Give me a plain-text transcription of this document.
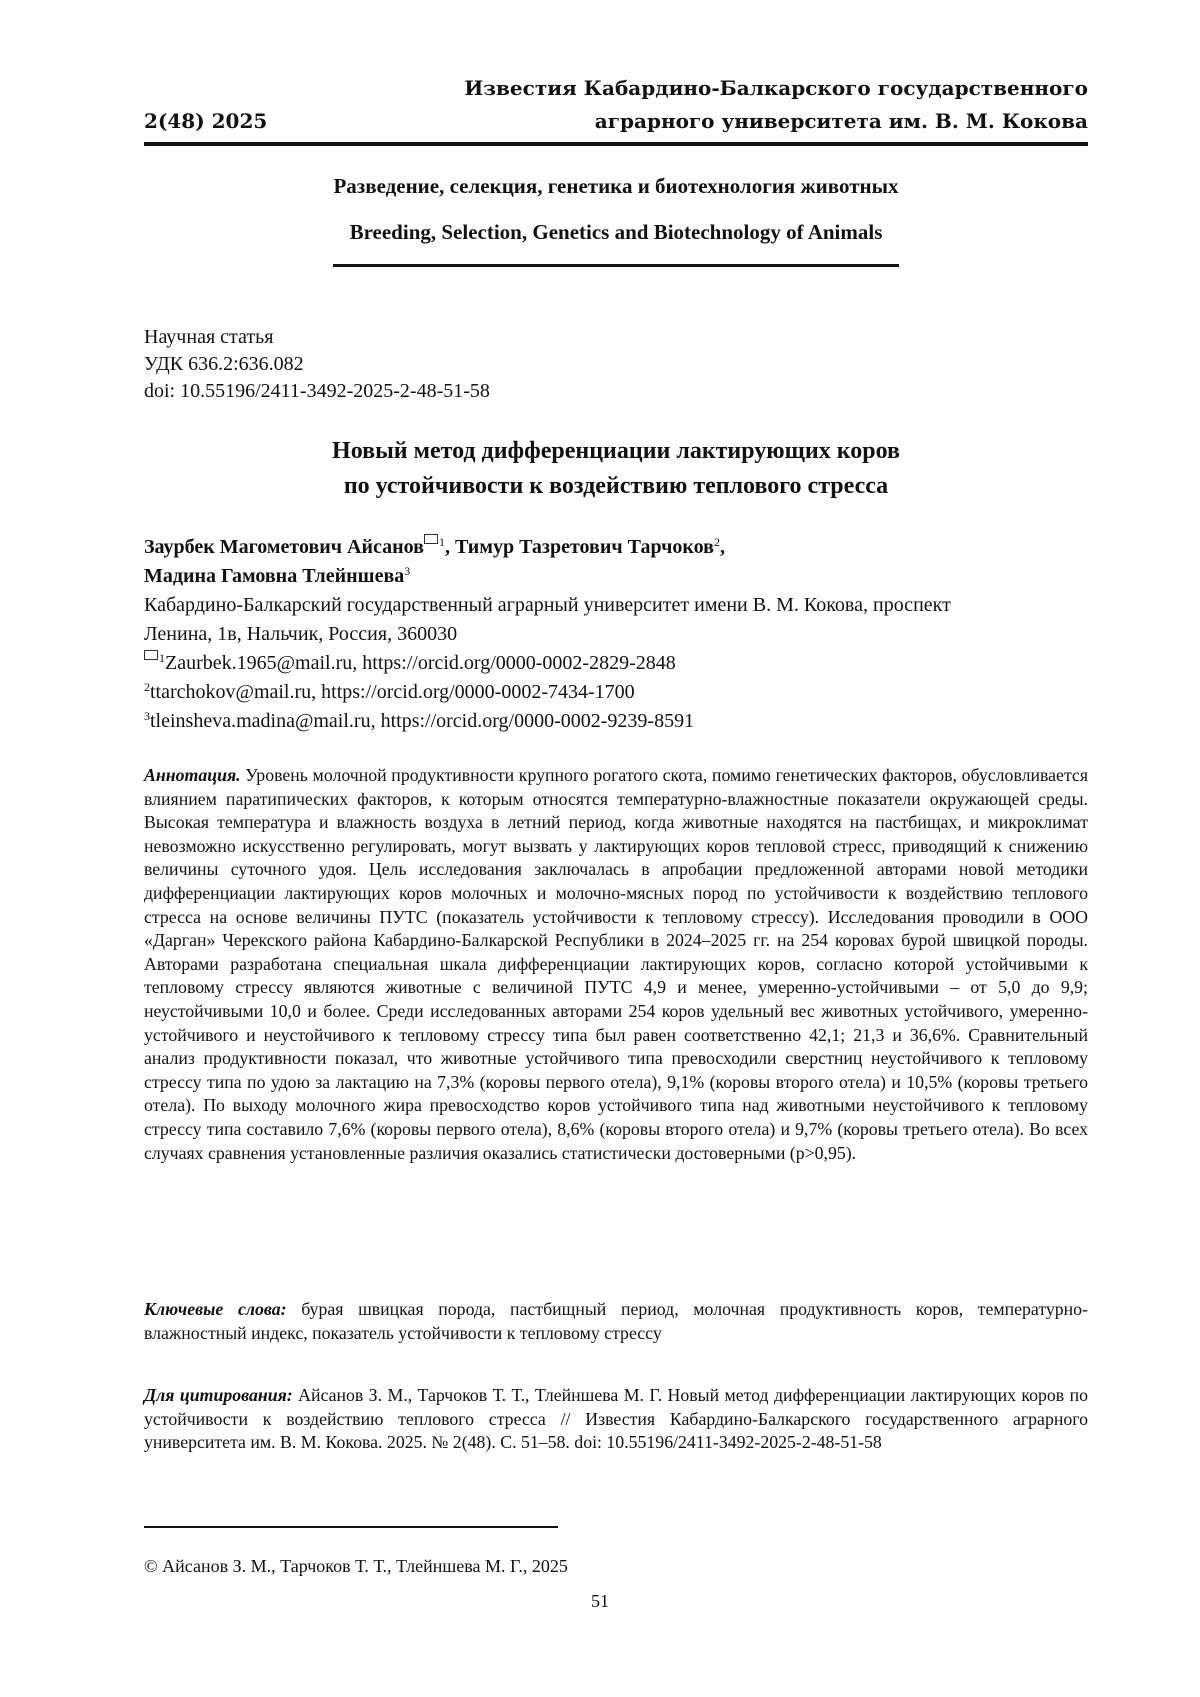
Известия Кабардино-Балкарского государственного
аграрного университета им. В. М. Кокова
2(48) 2025
Разведение, селекция, генетика и биотехнология животных
Breeding, Selection, Genetics and Biotechnology of Animals
Научная статья
УДК 636.2:636.082
doi: 10.55196/2411-3492-2025-2-48-51-58
Новый метод дифференциации лактирующих коров
по устойчивости к воздействию теплового стресса
Заурбек Магометович Айсанов 1, Тимур Тазретович Тарчоков2,
Мадина Гамовна Тлейншева3
Кабардино-Балкарский государственный аграрный университет имени В. М. Кокова, проспект
Ленина, 1в, Нальчик, Россия, 360030
1Zaurbek.1965@mail.ru, https://orcid.org/0000-0002-2829-2848
2ttarchokov@mail.ru, https://orcid.org/0000-0002-7434-1700
3tleinsheva.madina@mail.ru, https://orcid.org/0000-0002-9239-8591
Аннотация. Уровень молочной продуктивности крупного рогатого скота, помимо генетических факторов, обусловливается влиянием паратипических факторов, к которым относятся температурно-влажностные показатели окружающей среды. Высокая температура и влажность воздуха в летний период, когда животные находятся на пастбищах, и микроклимат невозможно искусственно регулировать, могут вызвать у лактирующих коров тепловой стресс, приводящий к снижению величины суточного удоя. Цель исследования заключалась в апробации предложенной авторами новой методики дифференциации лактирующих коров молочных и молочно-мясных пород по устойчивости к воздействию теплового стресса на основе величины ПУТС (показатель устойчивости к тепловому стрессу). Исследования проводили в ООО «Дарган» Черекского района Кабардино-Балкарской Республики в 2024–2025 гг. на 254 коровах бурой швицкой породы. Авторами разработана специальная шкала дифференциации лактирующих коров, согласно которой устойчивыми к тепловому стрессу являются животные с величиной ПУТС 4,9 и менее, умеренно-устойчивыми – от 5,0 до 9,9; неустойчивыми 10,0 и более. Среди исследованных авторами 254 коров удельный вес животных устойчивого, умеренно-устойчивого и неустойчивого к тепловому стрессу типа был равен соответственно 42,1; 21,3 и 36,6%. Сравнительный анализ продуктивности показал, что животные устойчивого типа превосходили сверстниц неустойчивого к тепловому стрессу типа по удою за лактацию на 7,3% (коровы первого отела), 9,1% (коровы второго отела) и 10,5% (коровы третьего отела). По выходу молочного жира превосходство коров устойчивого типа над животными неустойчивого к тепловому стрессу типа составило 7,6% (коровы первого отела), 8,6% (коровы второго отела) и 9,7% (коровы третьего отела). Во всех случаях сравнения установленные различия оказались статистически достоверными (р>0,95).
Ключевые слова: бурая швицкая порода, пастбищный период, молочная продуктивность коров, температурно-влажностный индекс, показатель устойчивости к тепловому стрессу
Для цитирования: Айсанов З. М., Тарчоков Т. Т., Тлейншева М. Г. Новый метод дифференциации лактирующих коров по устойчивости к воздействию теплового стресса // Известия Кабардино-Балкарского государственного аграрного университета им. В. М. Кокова. 2025. № 2(48). С. 51–58. doi: 10.55196/2411-3492-2025-2-48-51-58
© Айсанов З. М., Тарчоков Т. Т., Тлейншева М. Г., 2025
51
